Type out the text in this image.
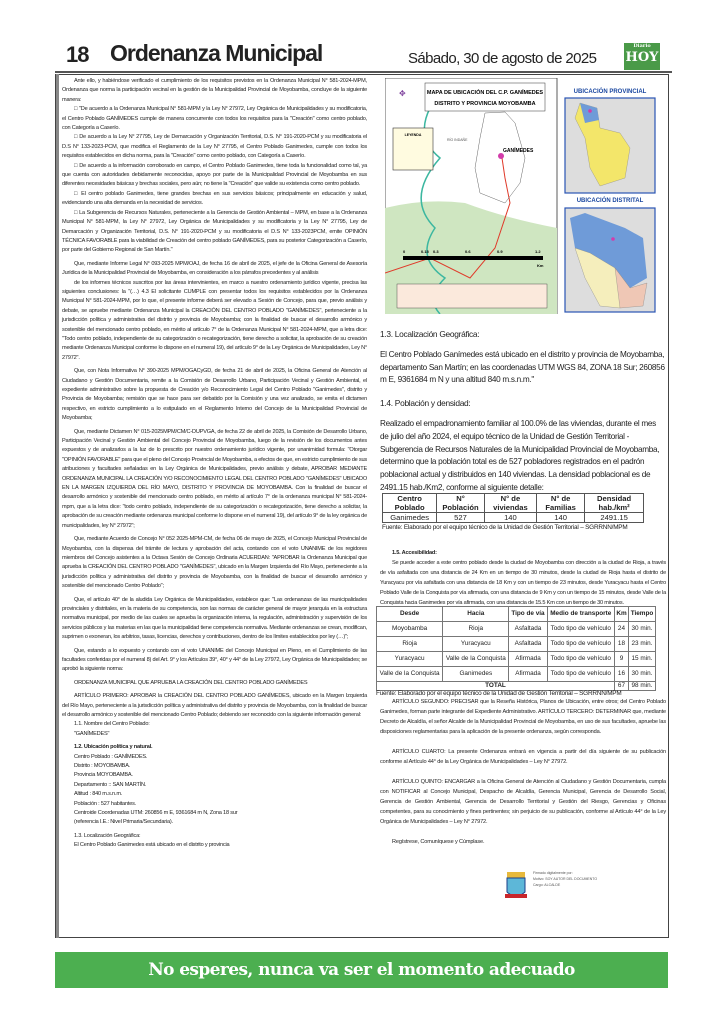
18 Ordenanza Municipal	Sábado, 30 de agosto de 2025
Diario
HOY

Ante ello, y habiéndose verificado el cumplimiento de los requisitos previstos en la Ordenanza Municipal N° 581-2024-MPM, Ordenanza que norma la participación vecinal en la gestión de la Municipalidad Provincial de Moyobamba, concluye de la siguiente manera:

□ "De acuerdo a la Ordenanza Municipal N° 581-MPM y la Ley N° 27972, Ley Orgánica de Municipalidades y su modificatoria, el Centro Poblado GANÍMEDES cumple de manera concurrente con todos los requisitos para la "Creación" como centro poblado, con Categoría a Caserío.

□ De acuerdo a la Ley N° 27795, Ley de Demarcación y Organización Territorial, D.S. N° 191-2020-PCM y su modificatoria el D.S N° 133-2023-PCM, que modifica el Reglamento de la Ley N° 27795, el Centro Poblado Ganimedes, cumple con todos los requisitos establecidos en dicha norma, para la "Creación" como centro poblado, con Categoría a Caserío.

□ De acuerdo a la información corroborado en campo, el Centro Poblado Ganimedes, tiene toda la funcionalidad como tal, ya que cuenta con autoridades debidamente reconocidas, apoyo por parte de la Municipalidad Provincial de Moyobamba en sus diferentes necesidades básicas y brechas sociales, pero aún; no tiene la "Creación" que valide su existencia como centro poblado.

□ El centro poblado Ganimedes, tiene grandes brechas en sus servicios básicos; principalmente en educación y salud, evidenciando una alta demanda en la necesidad de servicios.

□ La Subgerencia de Recursos Naturales, perteneciente a la Gerencia de Gestión Ambiental – MPM, en base a la Ordenanza Municipal N° 581-MPM, la Ley N° 27972, Ley Orgánica de Municipalidades y su modificatoria y la Ley N° 27795, Ley de Demarcación y Organización Territorial, D.S. N° 191-2020-PCM y su modificatoria el D.S N° 133-2023PCM, emite OPINIÓN TÉCNICA FAVORABLE para la viabilidad de Creación del centro poblado GANÍMEDES, para su posterior Categorización a Caserío, por parte del Gobierno Regional de San Martín."

Que, mediante Informe Legal N° 093-2025 MPM/OAJ, de fecha 16 de abril de 2025, el jefe de la Oficina General de Asesoría Jurídica de la Municipalidad Provincial de Moyobamba, en consideración a los párrafos precedentes y al análisis

de los informes técnicos suscritos por las áreas intervinientes, en marco a nuestro ordenamiento jurídico vigente, precisa las siguientes conclusiones: la "(…) 4.3 El solicitante CUMPLE con presentar todos los requisitos establecidos por la Ordenanza Municipal N° 581-2024-MPM, por lo que, el presente informe deberá ser elevado a Sesión de Concejo, para que, previo análisis y debate, se apruebe mediante Ordenanza Municipal la CREACIÓN DEL CENTRO POBLADO "GANÍMEDES", perteneciente a la jurisdicción política y administrativa del distrito y provincia de Moyobamba; con la finalidad de buscar el desarrollo armónico y sostenible del mencionado centro poblado, en mérito al artículo 7° de la Ordenanza Municipal N° 581-2024-MPM, que a letra dice: "Todo centro poblado, independiente de su categorización o recategorización, tiene derecho a solicitar, la aprobación de su creación mediante Ordenanza Municipal conforme lo dispone en el numeral 19), del artículo 9° de la Ley Orgánica de Municipalidades, Ley N° 27972".

Que, con Nota Informativa N° 390-2025 MPM/OGACyGD, de fecha 21 de abril de 2025, la Oficina General de Atención al Ciudadano y Gestión Documentaria, remite a la Comisión de Desarrollo Urbano, Participación Vecinal y Gestión Ambiental, el expediente administrativo sobre la propuesta de Creación y/o Reconocimiento Legal del Centro Poblado "Ganimedes", distrito y Provincia de Moyobamba; remisión que se hace para ser debatido por la Comisión y una vez analizado, se emita el dictamen respectivo, en estricto cumplimiento a lo estipulado en el Reglamento Interno del Concejo de la Municipalidad Provincial de Moyobamba;

Que, mediante Dictamen N° 015-2025MPM/CM/C-DUPVGA, de fecha 22 de abril de 2025, la Comisión de Desarrollo Urbano, Participación Vecinal y Gestión Ambiental del Concejo Provincial de Moyobamba, luego de la revisión de los documentos antes expuestos y de analizarlos a la luz de lo prescrito por nuestro ordenamiento jurídico vigente, por unanimidad formula: "Otorgar "OPINIÓN FAVORABLE" para que el pleno del Concejo Provincial de Moyobamba, a efectos de que, en estricto cumplimiento de sus atribuciones y facultades señaladas en la Ley Orgánica de Municipalidades, previo análisis y debate, APROBAR MEDIANTE ORDENANZA MUNICIPAL LA CREACIÓN Y/O RECONOCIMIENTO LEGAL DEL CENTRO POBLADO "GANÍMEDES" UBICADO EN LA MARGEN IZQUIERDA DEL RÍO MAYO, DISTRITO Y PROVINCIA DE MOYOBAMBA. Con la finalidad de buscar el desarrollo armónico y sostenible del mencionado centro poblado, en mérito al artículo 7° de la ordenanza municipal N° 581-2024-mpm, que a la letra dice: "todo centro poblado, independiente de su categorización o recategorización, tiene derecho a solicitar, la aprobación de su creación mediante ordenanza municipal conforme lo dispone en el numeral 19), del artículo 9° de la ley orgánica de municipalidades, ley N° 27972";

Que, mediante Acuerdo de Concejo N° 052 2025-MPM-CM, de fecha 06 de mayo de 2025, el Concejo Municipal Provincial de Moyobamba, con la dispensa del trámite de lectura y aprobación del acta, contando con el voto UNANIME de los regidores miembros del Concejo asistentes a la Octava Sesión de Concejo Ordinaria ACUERDAN: "APROBAR la Ordenanza Municipal que aprueba la CREACIÓN DEL CENTRO POBLADO "GANÍMEDES", ubicado en la Margen Izquierda del Río Mayo, perteneciente a la jurisdicción política y administrativa del distrito y provincia de Moyobamba, con la finalidad de buscar el desarrollo armónico y sostenible del mencionado Centro Poblado";

Que, el artículo 40° de la aludida Ley Orgánica de Municipalidades, establece que: "Las ordenanzas de las municipalidades provinciales y distritales, en la materia de su competencia, son las normas de carácter general de mayor jerarquía en la estructura normativa municipal, por medio de las cuales se aprueba la organización interna, la regulación, administración y supervisión de los servicios públicos y las materias en las que la municipalidad tiene competencia normativa. Mediante ordenanzas se crean, modifican, suprimen o exoneran, los arbitrios, tasas, licencias, derechos y contribuciones, dentro de los límites establecidos por ley (…)";

Que, estando a lo expuesto y contando con el voto UNANIME del Concejo Municipal en Pleno, en el Cumplimiento de las facultades conferidas por el numeral 8) del Art. 9° y los Artículos 39°, 40° y 44° de la Ley 27972, Ley Orgánica de Municipalidades; se aprobó la siguiente norma:

ORDENANZA MUNICIPAL QUE APRUEBA LA CREACIÓN DEL CENTRO POBLADO GANÍMEDES

ARTÍCULO PRIMERO: APROBAR la CREACIÓN DEL CENTRO POBLADO GANÍMEDES, ubicado en la Margen Izquierda del Río Mayo, perteneciente a la jurisdicción política y administrativa del distrito y provincia de Moyobamba, con la finalidad de buscar el desarrollo armónico y sostenible del mencionado Centro Poblado; debiendo ser reconocido con la siguiente información general:

1.1. Nombre del Centro Poblado:

"GANÍMEDES"

1.2. Ubicación política y natural.

Centro Poblado : GANÍMEDES.

Distrito : MOYOBAMBA.

Provincia MOYOBAMBA.

Departamento :: SAN MARTÍN.

Altitud : 840 m.s.n.m.

Población : 527 habitantes.

Centroide Coordenadas UTM: 260856 m E, 9361684 m N, Zona 18 sur

(referencia I.E.: Nivel Primaria/Secundaria).

1.3. Localización Geográfica:

El Centro Poblado Ganimedes está ubicado en el distrito y provincia

MAPA DE UBICACIÓN DEL C.P. GANÍMEDES
DISTRITO Y PROVINCIA MOYOBAMBA
GANÍMEDES
RÍO INDAÑE
LEYENDA
✥
0	0.15 0.3	0.6	0.9	1.2
Km
UBICACIÓN PROVINCIAL
UBICACIÓN DISTRITAL
1.3. Localización Geográfica:

El Centro Poblado Ganímedes está ubicado en el distrito y provincia de Moyobamba, departamento San Martín; en las coordenadas UTM WGS 84, ZONA 18 Sur; 260856 m E, 9361684 m N y una altitud 840 m.s.n.m."

1.4. Población y densidad:

Realizado el empadronamiento familiar al 100.0% de las viviendas, durante el mes de julio del año 2024, el equipo técnico de la Unidad de Gestión Territorial - Subgerencia de Recursos Naturales de la Municipalidad Provincial de Moyobamba, determino que la población total es de 527 pobladores registrados en el padrón poblacional actual y distribuidos en 140 viviendas. La densidad poblacional es de 2491.15 hab./Km2, conforme al siguiente detalle:

Centro Poblado	N° Población	N° de viviendas	N° de Familias	Densidad hab./km²
Ganimedes	527	140	140	2491.15
Fuente: Elaborado por el equipo técnico de la Unidad de Gestión Territorial – SGRRNN/MPM

1.5. Accesibilidad:

Se puede acceder a este centro poblado desde la ciudad de Moyobamba con dirección a la ciudad de Rioja, a través de vía asfaltada con una distancia de 24 Km en un tiempo de 30 minutos, desde la ciudad de Rioja hasta el distrito de Yuracyacu por vía asfaltada con una distancia de 18 Km y con un tiempo de 23 minutos, desde Yuracyacu hasta el Centro Poblado Valle de la Conquista por vía afirmada, con una distancia de 9 Km y con un tiempo de 15 minutos, desde Valle de la Conquista hacia Ganimedes por vía afirmada, con una distancia de 15.5 Km con un tiempo de 30 minutos.

Desde	Hacia	Tipo de vía	Medio de transporte	Km	Tiempo
Moyobamba	Rioja	Asfaltada	Todo tipo de vehículo	24	30 min.
Rioja	Yuracyacu	Asfaltada	Todo tipo de vehículo	18	23 min.
Yuracyacu	Valle de la Conquista	Afirmada	Todo tipo de vehículo	9	15 min.
Valle de la Conquista	Ganimedes	Afirmada	Todo tipo de vehículo	16	30 min.
TOTAL				67	98 min.
Fuente: Elaborado por el equipo técnico de la Unidad de Gestión Territorial – SGRRNN/MPM

ARTÍCULO SEGUNDO: PRECISAR que la Reseña Histórica, Planos de Ubicación, entre otros; del Centro Poblado Ganimedes, forman parte integrante del Expediente Administrativo. ARTÍCULO TERCERO: DETERMINAR que, mediante Decreto de Alcaldía, el señor Alcalde de la Municipalidad Provincial de Moyobamba, en uso de sus facultades, apruebe las disposiciones reglamentarias para la aplicación de la presente ordenanza, según corresponda.

ARTÍCULO CUARTO: La presente Ordenanza entrará en vigencia a partir del día siguiente de su publicación conforme al Artículo 44° de la Ley Orgánica de Municipalidades – Ley N° 27972.

ARTÍCULO QUINTO: ENCARGAR a la Oficina General de Atención al Ciudadano y Gestión Documentaria, cumpla con NOTIFICAR al Concejo Municipal, Despacho de Alcaldía, Gerencia Municipal, Gerencia de Desarrollo Social, Gerencia de Gestión Ambiental, Gerencia de Desarrollo Territorial y Gestión del Riesgo, Gerencias y Oficinas competentes, para su conocimiento y fines pertinentes; sin perjuicio de su publicación, conforme al Artículo 44° de la Ley Orgánica de Municipalidades – Ley N° 27972.

Regístrese, Comuníquese y Cúmplase.

Firmado digitalmente por:
Motivo: SOY AUTOR DEL DOCUMENTO
Cargo: ALCALDE
No esperes, nunca va ser el momento adecuado
